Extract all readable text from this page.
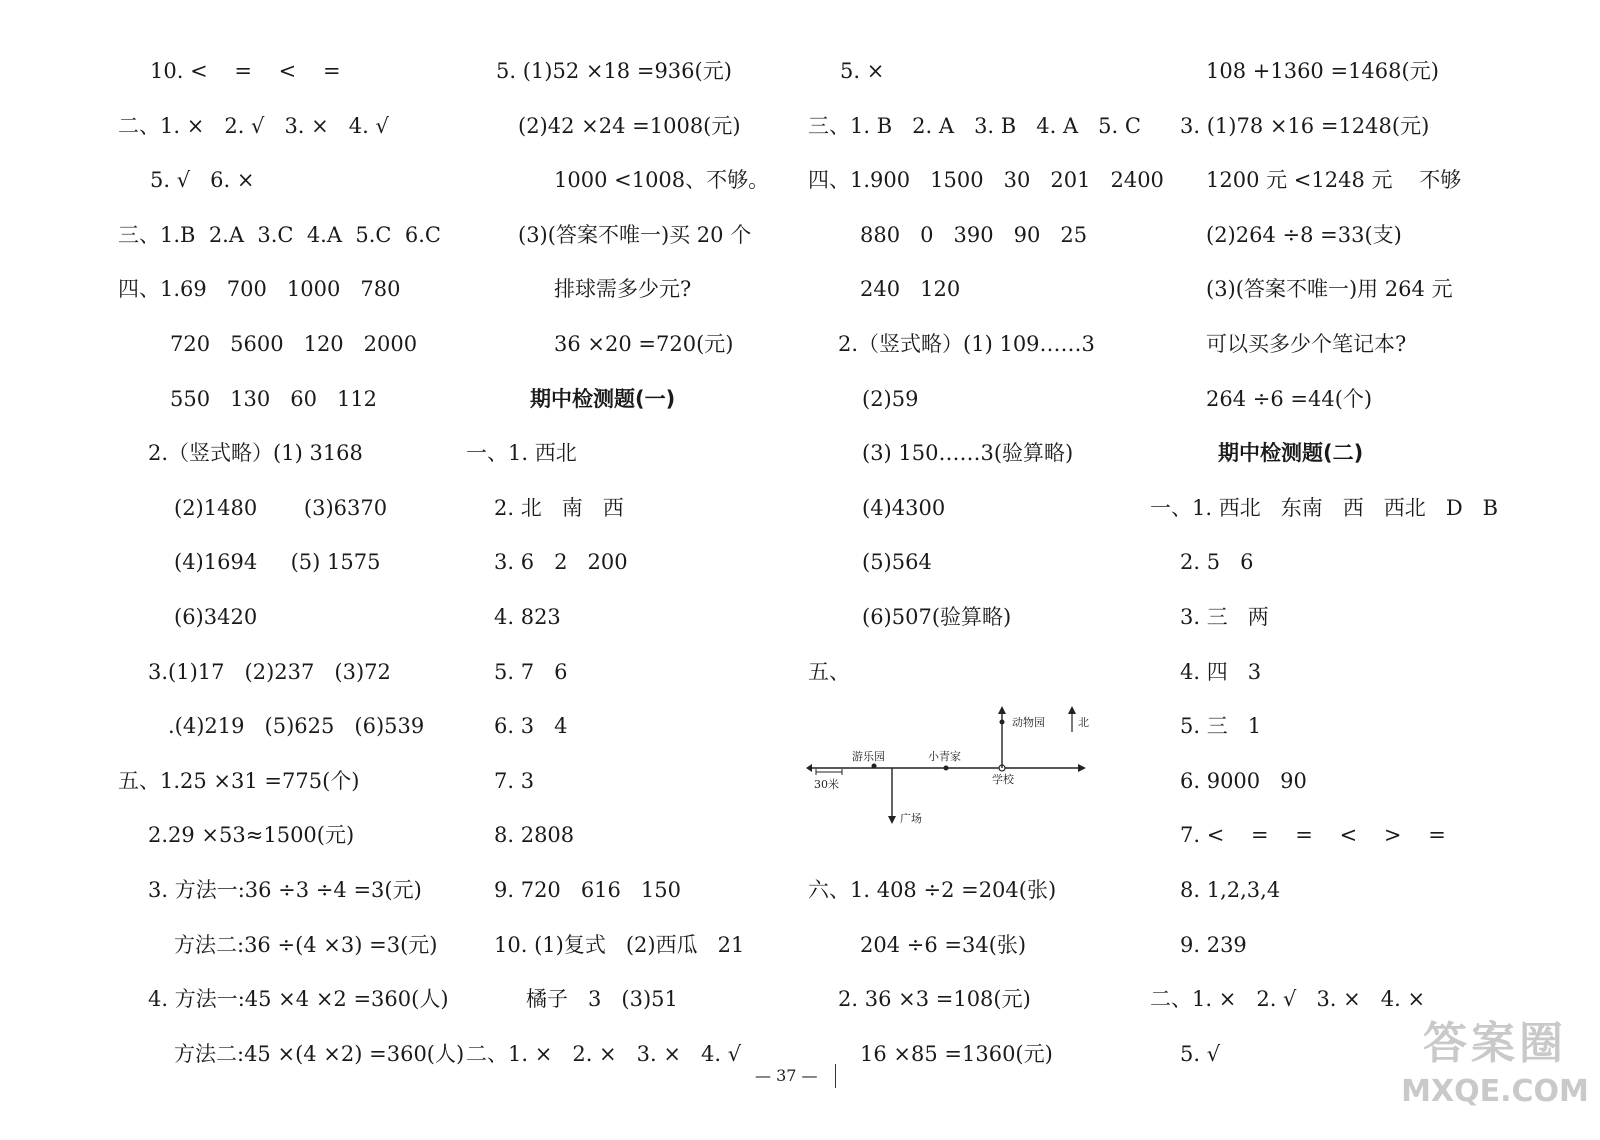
10. <    =    <    =
二、1. ×   2. √   3. ×   4. √
5. √   6. ×
三、1.B  2.A  3.C  4.A  5.C  6.C
四、1.69   700   1000   780
720   5600   120   2000
550   130   60   112
2.（竖式略）(1) 3168
(2)1480       (3)6370
(4)1694     (5) 1575
(6)3420
3.(1)17   (2)237   (3)72
.(4)219   (5)625   (6)539
五、1.25 ×31 =775(个)
2.29 ×53≈1500(元)
3. 方法一:36 ÷3 ÷4 =3(元)
方法二:36 ÷(4 ×3) =3(元)
4. 方法一:45 ×4 ×2 =360(人)
方法二:45 ×(4 ×2) =360(人)
5. (1)52 ×18 =936(元)
(2)42 ×24 =1008(元)
1000 <1008、不够。
(3)(答案不唯一)买 20 个
排球需多少元?
36 ×20 =720(元)
期中检测题(一)
一、1. 西北
2. 北   南   西
3. 6   2   200
4. 823
5. 7   6
6. 3   4
7. 3
8. 2808
9. 720   616   150
10. (1)复式   (2)西瓜   21
橘子   3   (3)51
二、1. ×   2. ×   3. ×   4. √
5. ×
三、1. B   2. A   3. B   4. A   5. C
四、1.900   1500   30   201   2400
880   0   390   90   25
240   120
2.（竖式略）(1) 109……3
(2)59
(3) 150……3(验算略)
(4)4300
(5)564
(6)507(验算略)
五、
六、1. 408 ÷2 =204(张)
204 ÷6 =34(张)
2. 36 ×3 =108(元)
16 ×85 =1360(元)
108 +1360 =1468(元)
3. (1)78 ×16 =1248(元)
1200 元 <1248 元    不够
(2)264 ÷8 =33(支)
(3)(答案不唯一)用 264 元
可以买多少个笔记本?
264 ÷6 =44(个)
期中检测题(二)
一、1. 西北   东南   西   西北   D   B
2. 5   6
3. 三   两
4. 四   3
5. 三   1
6. 9000   90
7. <    =    =    <    >    =
8. 1,2,3,4
9. 239
二、1. ×   2. √   3. ×   4. ×
5. √
30米
游乐园
广场
小青家
学校
动物园	北
— 37 —
答案圈
MXQE.COM
